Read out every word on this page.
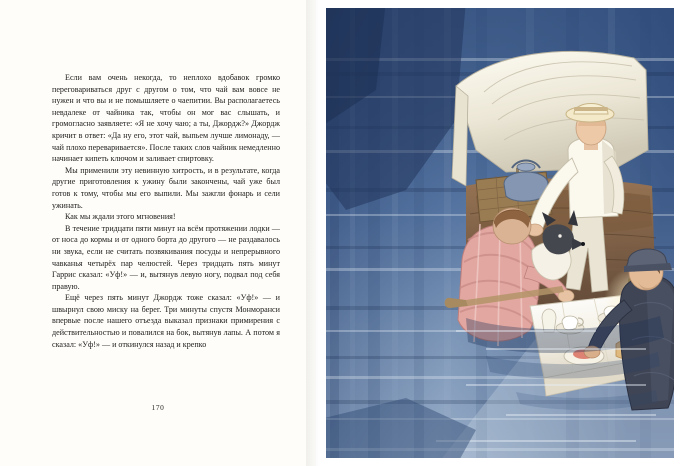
Если вам очень некогда, то неплохо вдобавок громко переговариваться друг с другом о том, что чай вам вовсе не нужен и что вы и не помышляете о чаепитии. Вы располагаетесь невдалеке от чайника так, чтобы он мог вас слышать, и громогласно заявляете: «Я не хочу чаю; а ты, Джордж?» Джордж кричит в ответ: «Да ну его, этот чай, выпьем лучше лимонаду, — чай плохо переваривается». После таких слов чайник немедленно начинает кипеть ключом и заливает спиртовку.

Мы применили эту невинную хитрость, и в результате, когда другие приготовления к ужину были закончены, чай уже был готов к тому, чтобы мы его выпили. Мы зажгли фонарь и сели ужинать.

Как мы ждали этого мгновения!

В течение тридцати пяти минут на всём протяжении лодки — от носа до кормы и от одного борта до другого — не раздавалось ни звука, если не считать позвякивания посуды и непрерывного чавканья четырёх пар челюстей. Через тридцать пять минут Гаррис сказал: «Уф!» — и, вытянув левую ногу, подвал под себя правую.

Ещё через пять минут Джордж тоже сказал: «Уф!» — и швырнул свою миску на берег. Три минуты спустя Монморанси впервые после нашего отъезда выказал признаки примирения с действительностью и повалился на бок, вытянув лапы. А потом я сказал: «Уф!» — и откинулся назад и крепко

170
